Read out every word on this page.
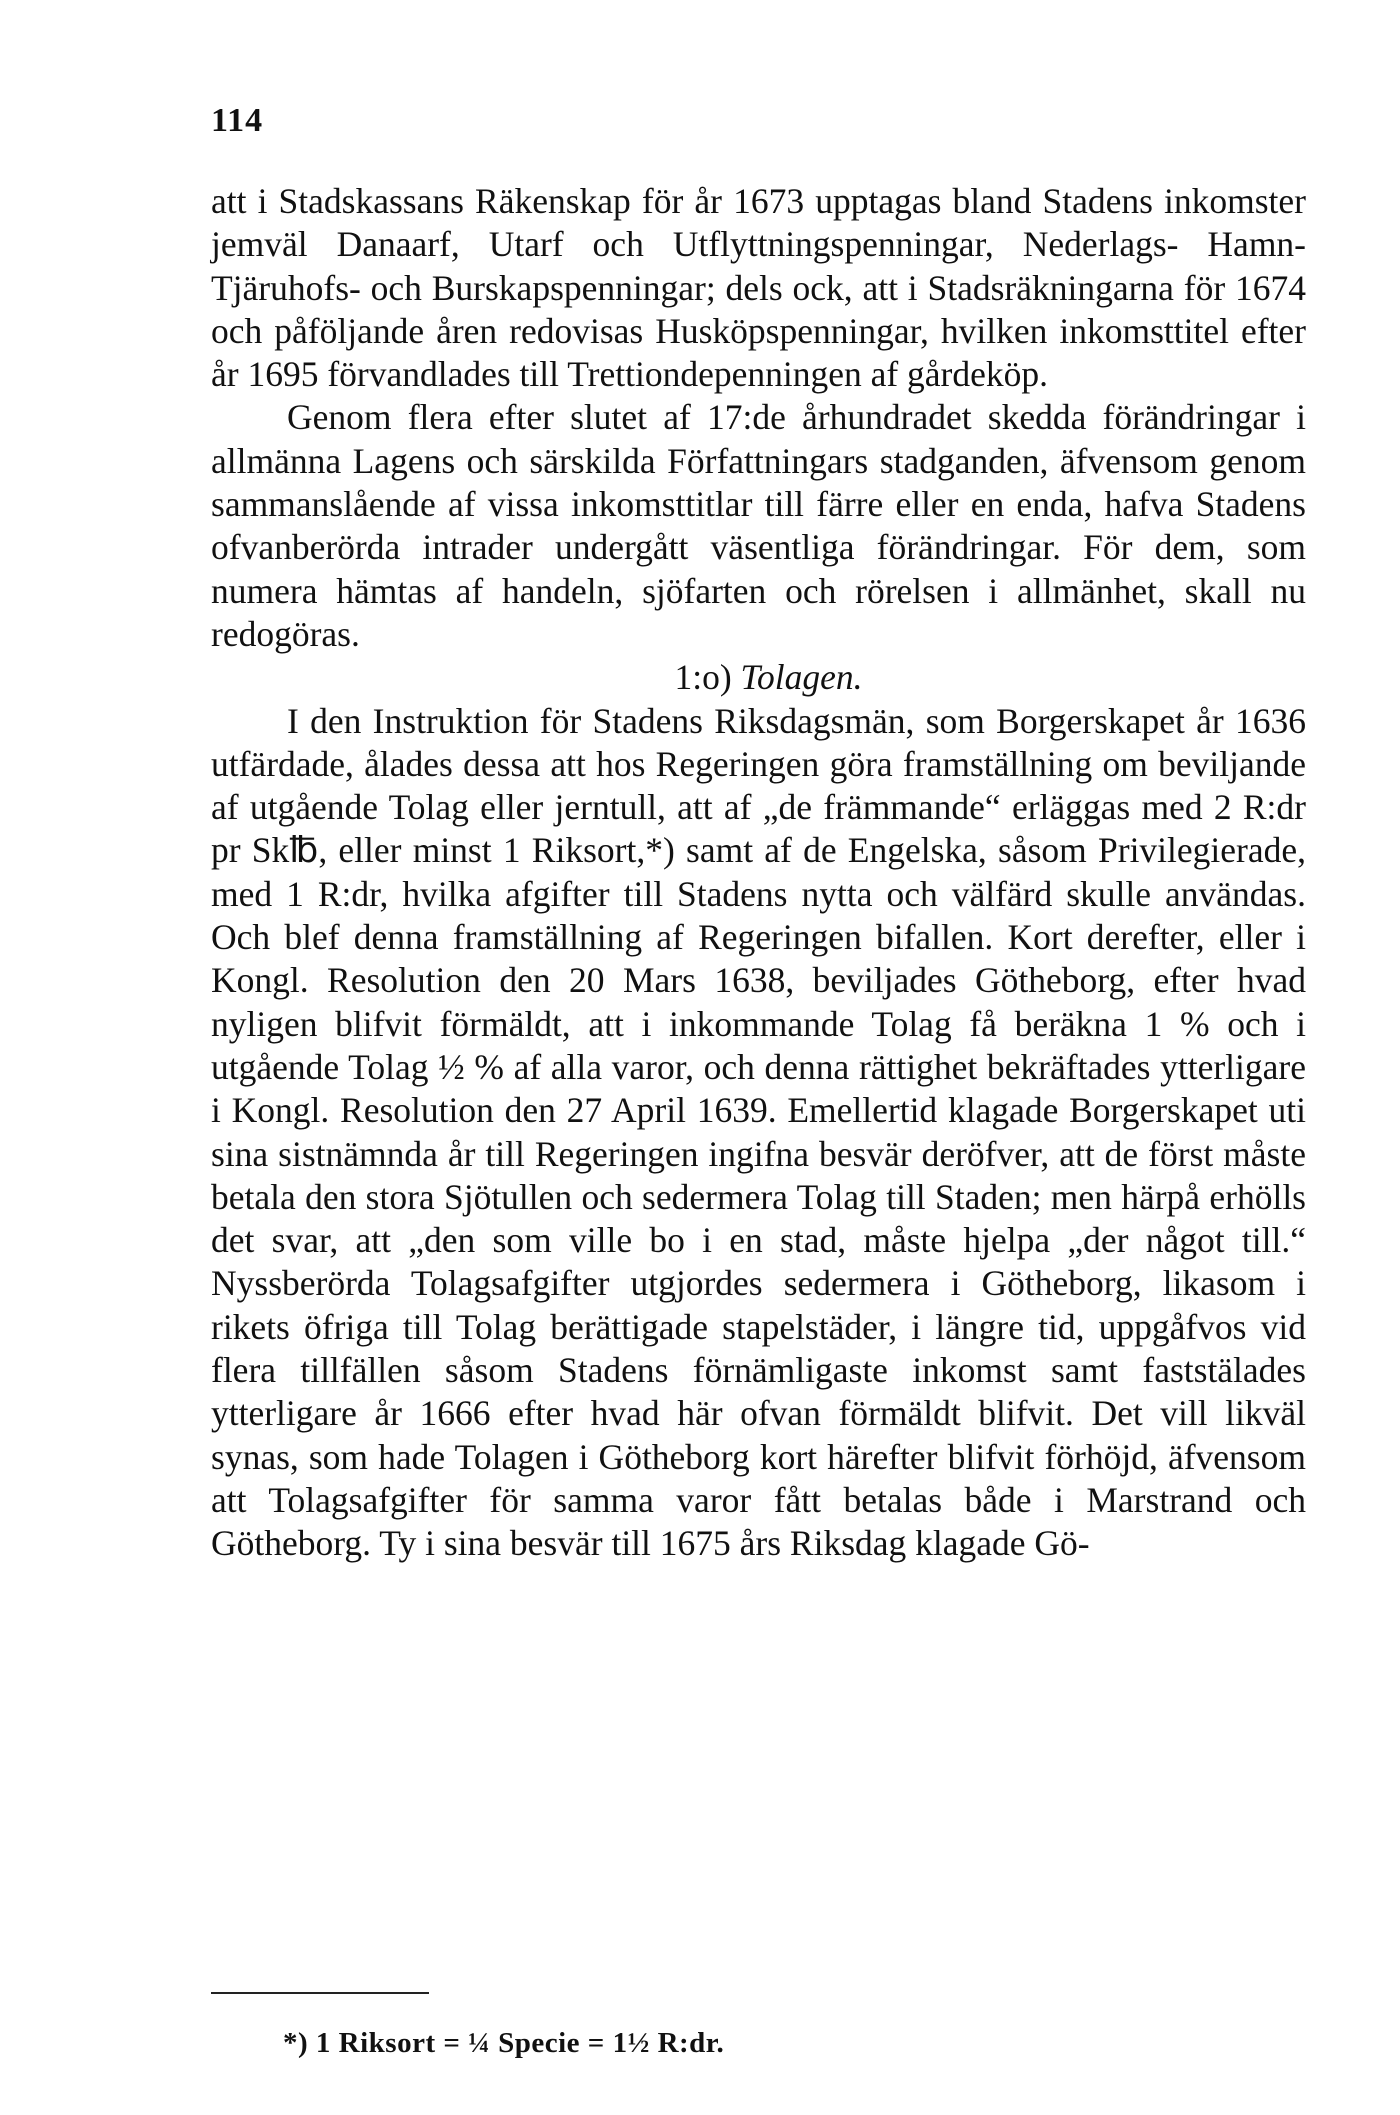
114

att i Stadskassans Räkenskap för år 1673 upptagas bland Stadens inkomster jemväl Danaarf, Utarf och Utflyttningspenningar, Nederlags- Hamn- Tjäruhofs- och Burskapspenningar; dels ock, att i Stadsräkningarna för 1674 och påföljande åren redovisas Husköpspenningar, hvilken inkomsttitel efter år 1695 förvandlades till Trettiondepenningen af gårdeköp.

Genom flera efter slutet af 17:de århundradet skedda förändringar i allmänna Lagens och särskilda Författningars stadganden, äfvensom genom sammanslående af vissa inkomsttitlar till färre eller en enda, hafva Stadens ofvanberörda intrader undergått väsentliga förändringar. För dem, som numera hämtas af handeln, sjöfarten och rörelsen i allmänhet, skall nu redogöras.

1:o) Tolagen.

I den Instruktion för Stadens Riksdagsmän, som Borgerskapet år 1636 utfärdade, ålades dessa att hos Regeringen göra framställning om beviljande af utgående Tolag eller jerntull, att af „de främmande“ erläggas med 2 R:dr pr Sk℔, eller minst 1 Riksort,*) samt af de Engelska, såsom Privilegierade, med 1 R:dr, hvilka afgifter till Stadens nytta och välfärd skulle användas. Och blef denna framställning af Regeringen bifallen. Kort derefter, eller i Kongl. Resolution den 20 Mars 1638, beviljades Götheborg, efter hvad nyligen blifvit förmäldt, att i inkommande Tolag få beräkna 1 % och i utgående Tolag ½ % af alla varor, och denna rättighet bekräftades ytterligare i Kongl. Resolution den 27 April 1639. Emellertid klagade Borgerskapet uti sina sistnämnda år till Regeringen ingifna besvär deröfver, att de först måste betala den stora Sjötullen och sedermera Tolag till Staden; men härpå erhölls det svar, att „den som ville bo i en stad, måste hjelpa „der något till.“ Nyssberörda Tolagsafgifter utgjordes sedermera i Götheborg, likasom i rikets öfriga till Tolag berättigade stapelstäder, i längre tid, uppgåfvos vid flera tillfällen såsom Stadens förnämligaste inkomst samt faststälades ytterligare år 1666 efter hvad här ofvan förmäldt blifvit. Det vill likväl synas, som hade Tolagen i Götheborg kort härefter blifvit förhöjd, äfvensom att Tolagsafgifter för samma varor fått betalas både i Marstrand och Götheborg. Ty i sina besvär till 1675 års Riksdag klagade Gö-

*) 1 Riksort = ¼ Specie = 1½ R:dr.
